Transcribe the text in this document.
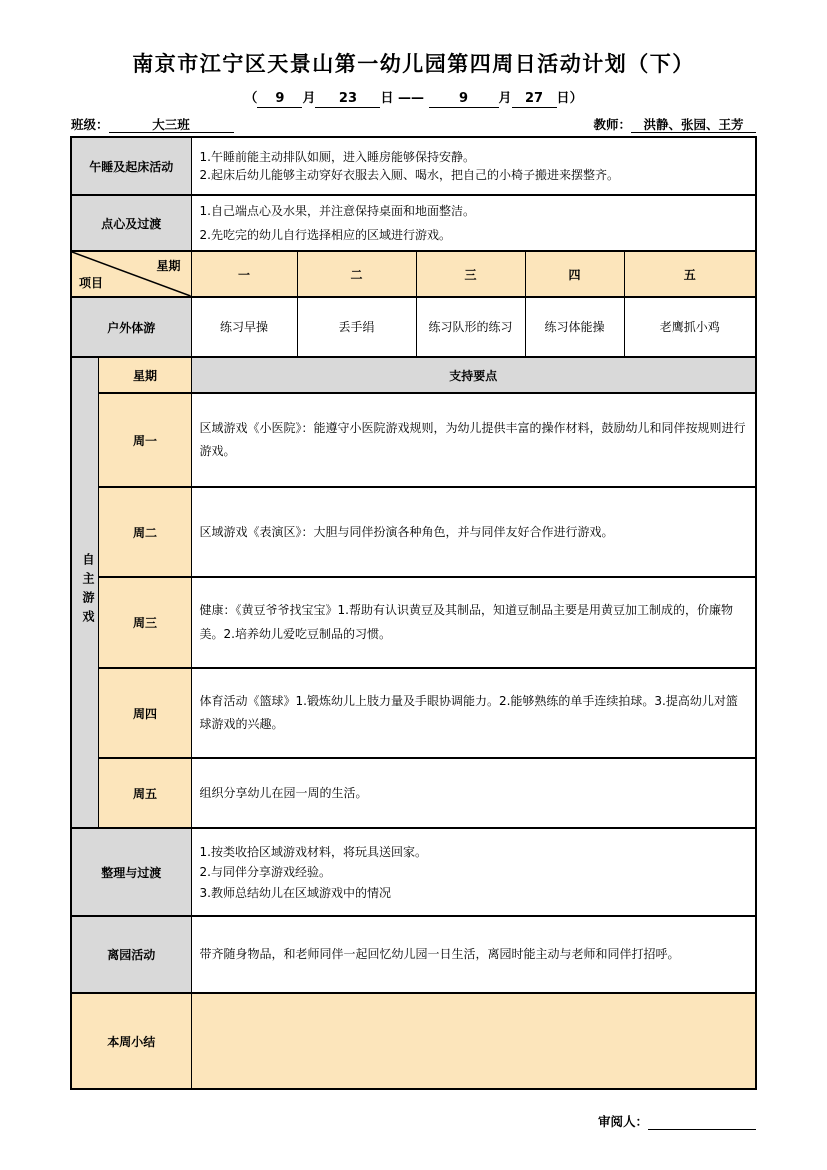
南京市江宁区天景山第一幼儿园第四周日活动计划（下）
（ 9 月 23 日 ——	9 月 27 日）
班级：	大三班	教师： 洪静、张园、王芳
午睡及起床活动		1.午睡前能主动排队如厕，进入睡房能够保持安静。
2.起床后幼儿能够主动穿好衣服去入厕、喝水，把自己的小椅子搬进来摆整齐。				

点心及过渡		1.自己端点心及水果，并注意保持桌面和地面整洁。
2.先吃完的幼儿自行选择相应的区域进行游戏。				

星期
项目		一	二	三	四	五
户外体游		练习早操	丢手绢	练习队形的练习	练习体能操	老鹰抓小鸡
自主游戏	星期	支持要点				
	周一	区域游戏《小医院》：能遵守小医院游戏规则，为幼儿提供丰富的操作材料，鼓励幼儿和同伴按规则进行游戏。				
	周二	区域游戏《表演区》：大胆与同伴扮演各种角色，并与同伴友好合作进行游戏。				
	周三	健康：《黄豆爷爷找宝宝》1.帮助有认识黄豆及其制品，知道豆制品主要是用黄豆加工制成的，价廉物美。2.培养幼儿爱吃豆制品的习惯。				
	周四	体育活动《篮球》1.锻炼幼儿上肢力量及手眼协调能力。2.能够熟练的单手连续拍球。3.提高幼儿对篮球游戏的兴趣。				
	周五	组织分享幼儿在园一周的生活。				
整理与过渡		1.按类收拾区域游戏材料，将玩具送回家。
2.与同伴分享游戏经验。
3.教师总结幼儿在区域游戏中的情况				

离园活动		带齐随身物品，和老师同伴一起回忆幼儿园一日生活，离园时能主动与老师和同伴打招呼。				
本周小结						
审阅人：
